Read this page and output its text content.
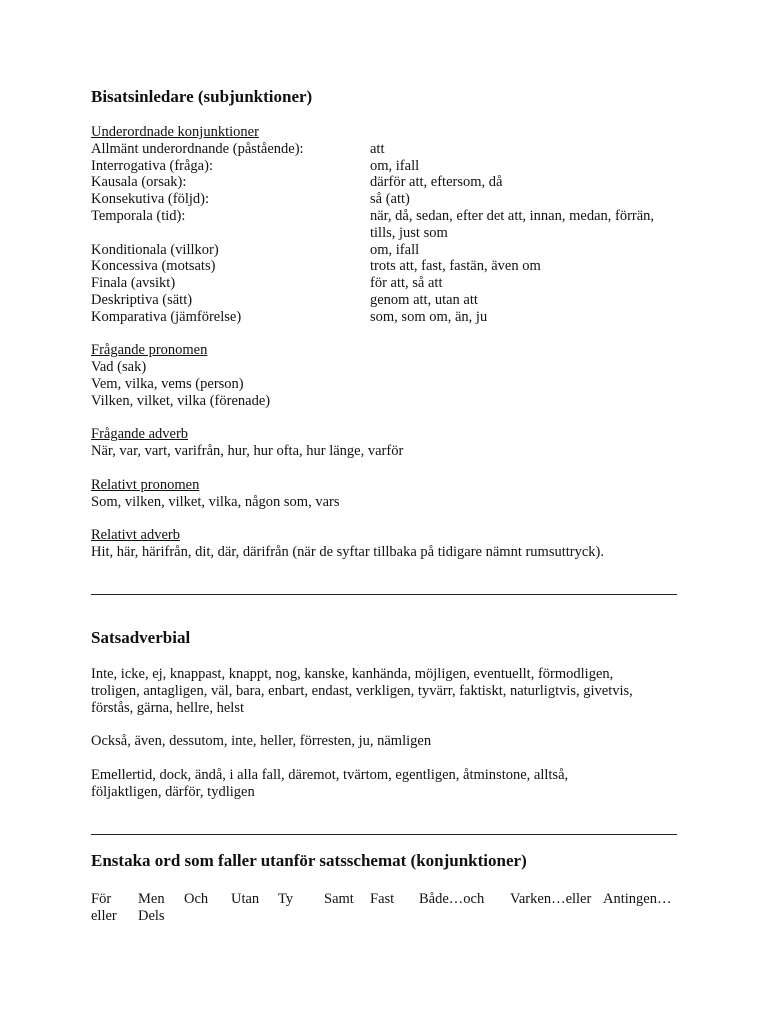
Bisatsinledare (subjunktioner)
Underordnade konjunktioner
Allmänt underordnande (påstående):	att
Interrogativa (fråga):	om, ifall
Kausala (orsak):	därför att, eftersom, då
Konsekutiva (följd):	så (att)
Temporala (tid):	när, då, sedan, efter det att, innan, medan, förrän,
tills, just som
Konditionala (villkor)	om, ifall
Koncessiva (motsats)	trots att, fast, fastän, även om
Finala (avsikt)	för att, så att
Deskriptiva (sätt)	genom att, utan att
Komparativa (jämförelse)	som, som om, än, ju
Frågande pronomen
Vad (sak)
Vem, vilka, vems (person)
Vilken, vilket, vilka (förenade)
Frågande adverb
När, var, vart, varifrån, hur, hur ofta, hur länge, varför
Relativt pronomen
Som, vilken, vilket, vilka, någon som, vars
Relativt adverb
Hit, här, härifrån, dit, där, därifrån (när de syftar tillbaka på tidigare nämnt rumsuttryck).
Satsadverbial

Inte, icke, ej, knappast, knappt, nog, kanske, kanhända, möjligen, eventuellt, förmodligen,
troligen, antagligen, väl, bara, enbart, endast, verkligen, tyvärr, faktiskt, naturligtvis, givetvis,
förstås, gärna, hellre, helst

Också, även, dessutom, inte, heller, förresten, ju, nämligen

Emellertid, dock, ändå, i alla fall, däremot, tvärtom, egentligen, åtminstone, alltså,
följaktligen, därför, tydligen

Enstaka ord som faller utanför satsschemat (konjunktioner)
För Men Och Utan Ty Samt Fast Både…och Varken…eller Antingen…
eller Dels
